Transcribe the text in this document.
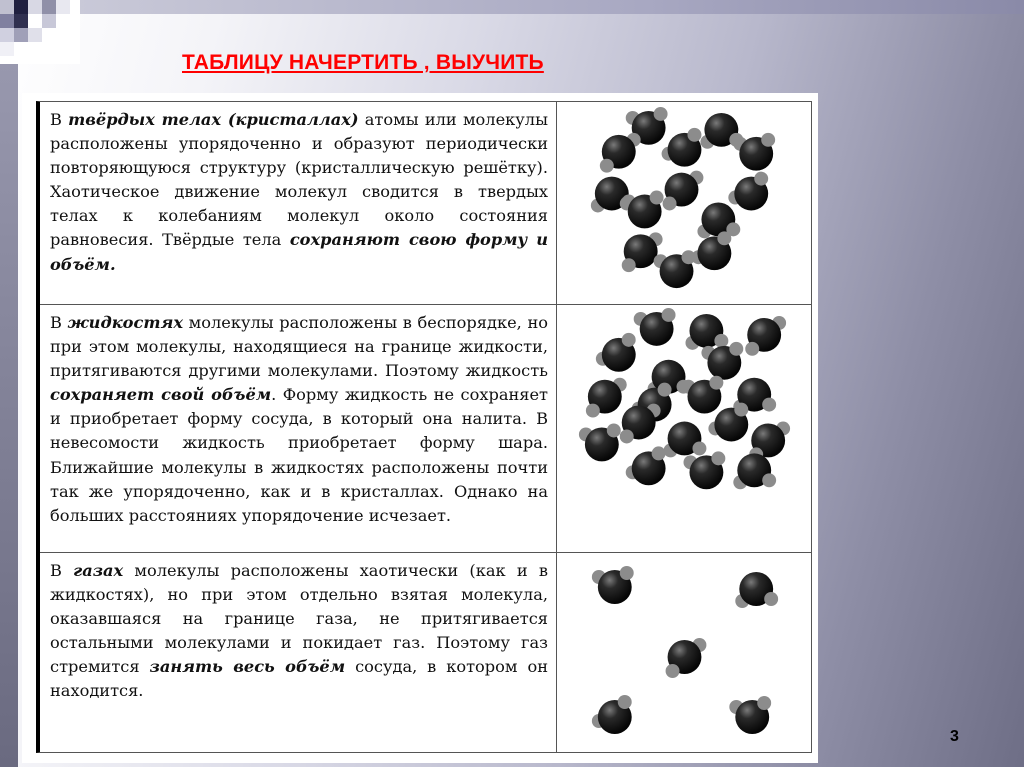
ТАБЛИЦУ НАЧЕРТИТЬ , ВЫУЧИТЬ
В твёрдых телах (кристаллах) атомы или молекулы расположены упорядоченно и образуют периодически повторяющуюся структуру (кристаллическую решётку). Хаотическое движение молекул сводится в твердых телах к колебаниям молекул около состояния равновесия. Твёрдые тела сохраняют свою форму и объём.
В жидкостях молекулы расположены в беспорядке, но при этом молекулы, находящиеся на границе жидкости, притягиваются другими молекулами. Поэтому жидкость сохраняет свой объём. Форму жидкость не сохраняет и приобретает форму сосуда, в который она налита. В невесомости жидкость приобретает форму шара. Ближайшие молекулы в жидкостях расположены почти так же упорядоченно, как и в кристаллах. Однако на больших расстояниях упорядочение исчезает.
В газах молекулы расположены хаотически (как и в жидкостях), но при этом отдельно взятая молекула, оказавшаяся на границе газа, не притягивается остальными молекулами и покидает газ. Поэтому газ стремится занять весь объём сосуда, в котором он находится.
3
